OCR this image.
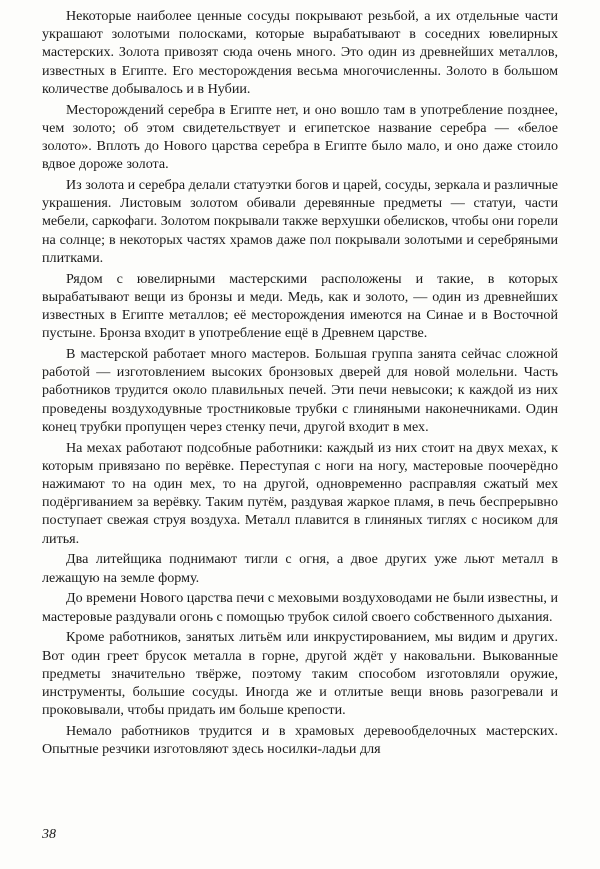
Некоторые наиболее ценные сосуды покрывают резьбой, а их отдельные части украшают золотыми полосками, которые вырабатывают в соседних ювелирных мастерских. Золота привозят сюда очень много. Это один из древнейших металлов, известных в Египте. Его месторождения весьма многочисленны. Золото в большом количестве добывалось и в Нубии.

Месторождений серебра в Египте нет, и оно вошло там в употребление позднее, чем золото; об этом свидетельствует и египетское название серебра — «белое золото». Вплоть до Нового царства серебра в Египте было мало, и оно даже стоило вдвое дороже золота.

Из золота и серебра делали статуэтки богов и царей, сосуды, зеркала и различные украшения. Листовым золотом обивали деревянные предметы — статуи, части мебели, саркофаги. Золотом покрывали также верхушки обелисков, чтобы они горели на солнце; в некоторых частях храмов даже пол покрывали золотыми и серебряными плитками.

Рядом с ювелирными мастерскими расположены и такие, в которых вырабатывают вещи из бронзы и меди. Медь, как и золото, — один из древнейших известных в Египте металлов; её месторождения имеются на Синае и в Восточной пустыне. Бронза входит в употребление ещё в Древнем царстве.

В мастерской работает много мастеров. Большая группа занята сейчас сложной работой — изготовлением высоких бронзовых дверей для новой молельни. Часть работников трудится около плавильных печей. Эти печи невысоки; к каждой из них проведены воздуходувные тростниковые трубки с глиняными наконечниками. Один конец трубки пропущен через стенку печи, другой входит в мех.

На мехах работают подсобные работники: каждый из них стоит на двух мехах, к которым привязано по верёвке. Переступая с ноги на ногу, мастеровые поочерёдно нажимают то на один мех, то на другой, одновременно расправляя сжатый мех подёргиванием за верёвку. Таким путём, раздувая жаркое пламя, в печь беспрерывно поступает свежая струя воздуха. Металл плавится в глиняных тиглях с носиком для литья.

Два литейщика поднимают тигли с огня, а двое других уже льют металл в лежащую на земле форму.

До времени Нового царства печи с меховыми воздуховодами не были известны, и мастеровые раздували огонь с помощью трубок силой своего собственного дыхания.

Кроме работников, занятых литьём или инкрустированием, мы видим и других. Вот один греет брусок металла в горне, другой ждёт у наковальни. Выкованные предметы значительно твёрже, поэтому таким способом изготовляли оружие, инструменты, большие сосуды. Иногда же и отлитые вещи вновь разогревали и проковывали, чтобы придать им больше крепости.

Немало работников трудится и в храмовых деревообделочных мастерских. Опытные резчики изготовляют здесь носилки-ладьи для

38
